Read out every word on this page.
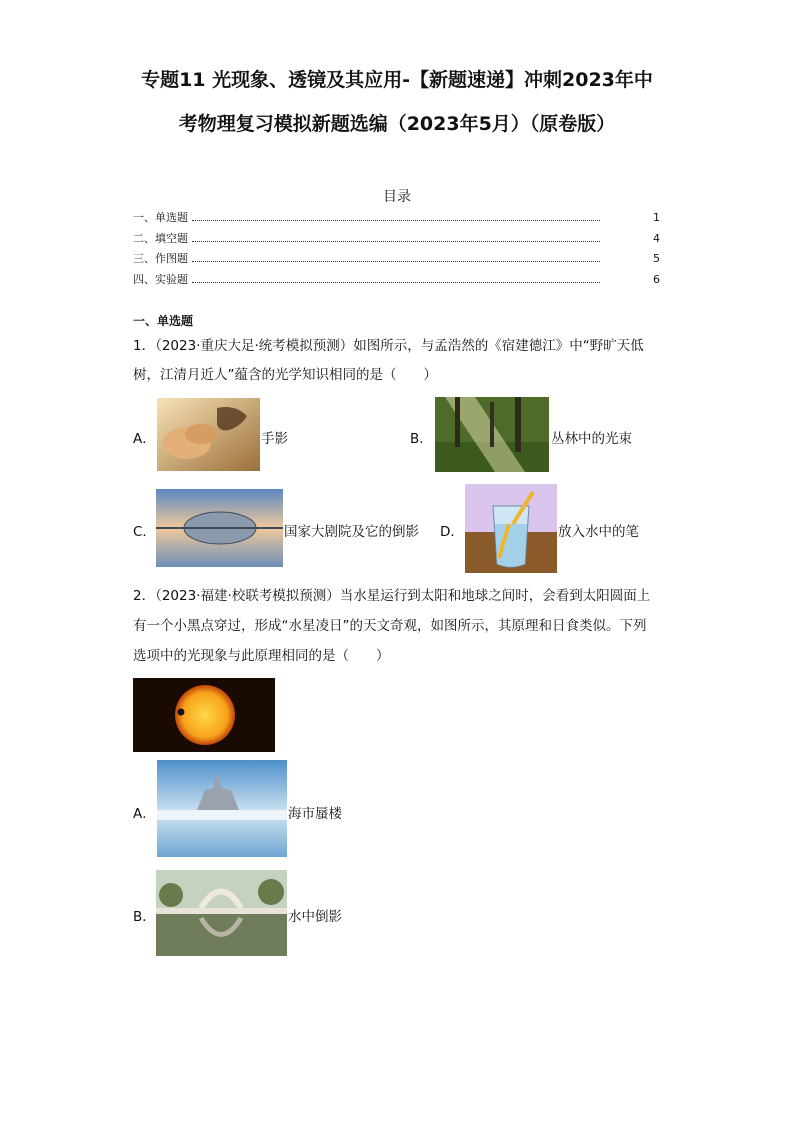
专题11 光现象、透镜及其应用-【新题速递】冲刺2023年中
考物理复习模拟新题选编（2023年5月）（原卷版）
目录
一、单选题	1
二、填空题	4
三、作图题	5
四、实验题	6
一、单选题
1．（2023·重庆大足·统考模拟预测）如图所示，与孟浩然的《宿建德江》中“野旷天低
树，江清月近人”蕴含的光学知识相同的是（　　）
A．	手影	B．	丛林中的光束
C．	国家大剧院及它的倒影 D．	放入水中的笔
2．（2023·福建·校联考模拟预测）当水星运行到太阳和地球之间时，会看到太阳圆面上
有一个小黑点穿过，形成“水星凌日”的天文奇观，如图所示，其原理和日食类似。下列
选项中的光现象与此原理相同的是（　　）
A．	海市蜃楼
B．	水中倒影
